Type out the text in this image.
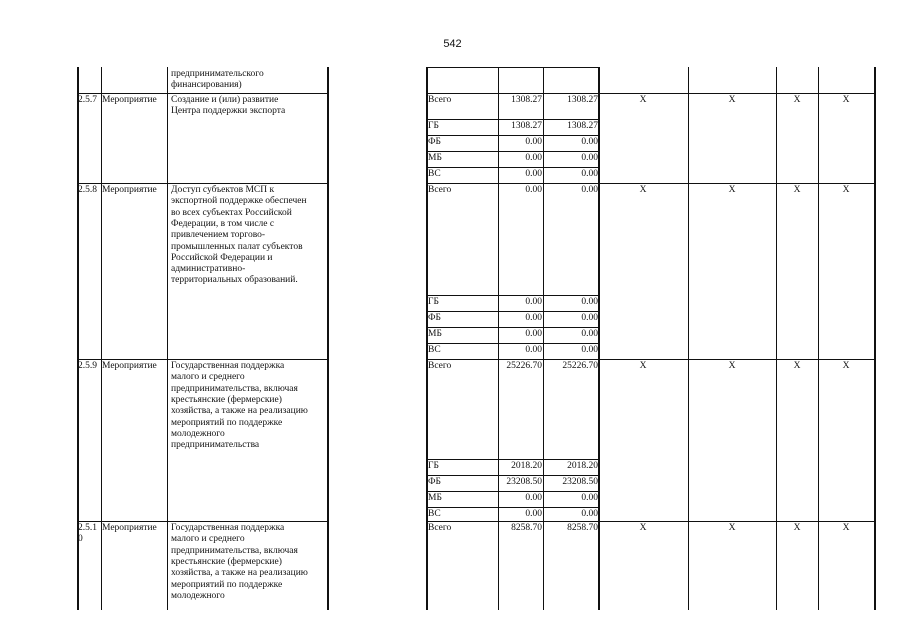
542
предпринимательского
финансирования)
2.5.7 Мероприятие	Создание и (или) развитие
Центра поддержки экспорта
Всего	1308.27	1308.27	X	X	X	X
ГБ	1308.27	1308.27
ФБ	0.00	0.00
МБ	0.00	0.00
ВС	0.00	0.00
2.5.8 Мероприятие	Доступ субъектов МСП к
экспортной поддержке обеспечен
во всех субъектах Российской
Федерации, в том числе с
привлечением торгово-
промышленных палат субъектов
Российской Федерации и
административно-
территориальных образований.
Всего	0.00	0.00	X	X	X	X
ГБ	0.00	0.00
ФБ	0.00	0.00
МБ	0.00	0.00
ВС	0.00	0.00
2.5.9 Мероприятие	Государственная поддержка
малого и среднего
предпринимательства, включая
крестьянские (фермерские)
хозяйства, а также на реализацию
мероприятий по поддержке
молодежного
предпринимательства
Всего	25226.70	25226.70	X	X	X	X
ГБ	2018.20	2018.20
ФБ	23208.50	23208.50
МБ	0.00	0.00
ВС	0.00	0.00
2.5.1
0
Мероприятие	Государственная поддержка
малого и среднего
предпринимательства, включая
крестьянские (фермерские)
хозяйства, а также на реализацию
мероприятий по поддержке
молодежного
Всего	8258.70	8258.70	X	X	X	X
